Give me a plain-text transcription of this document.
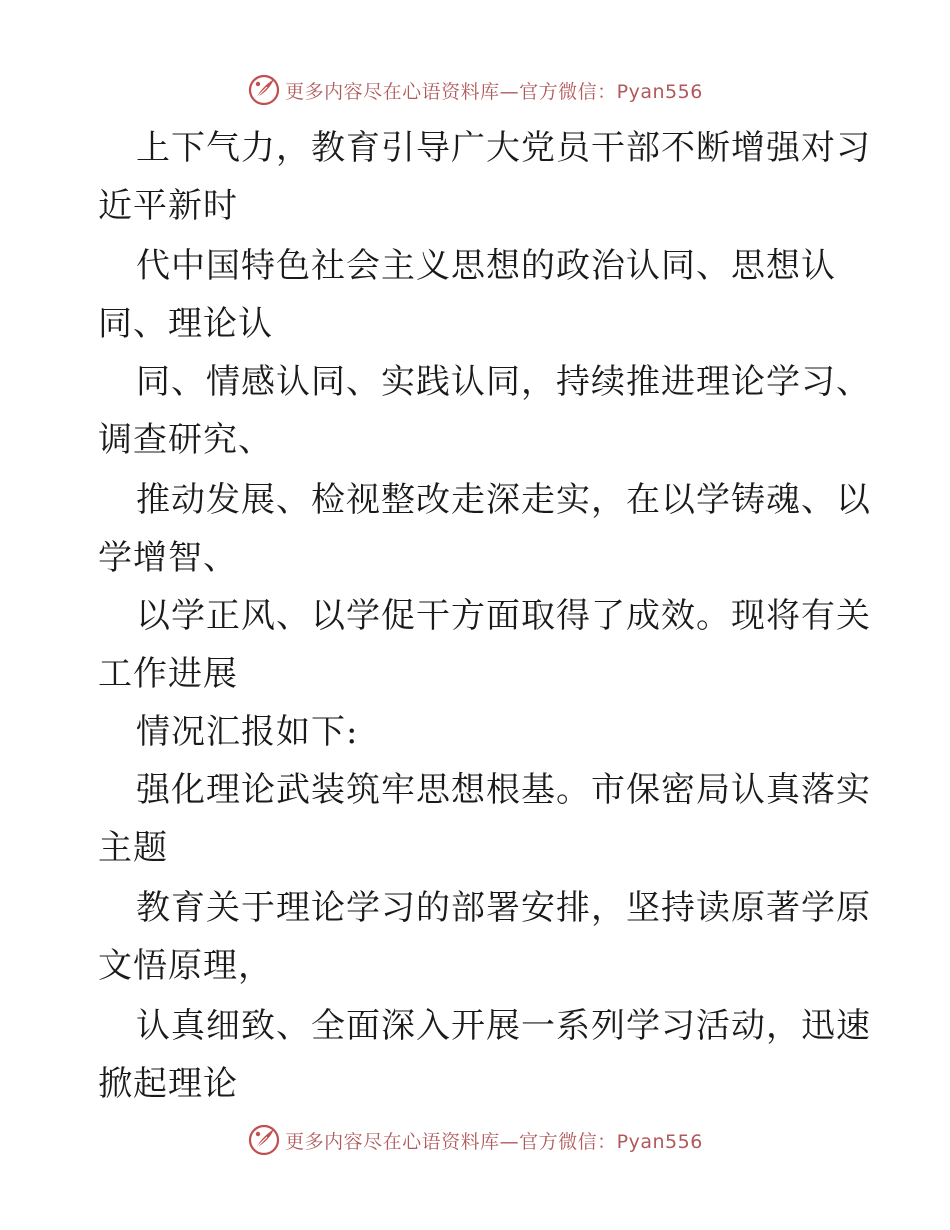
更多内容尽在心语资料库—官方微信：Pyan556
上下气力，教育引导广大党员干部不断增强对习
近平新时
代中国特色社会主义思想的政治认同、思想认
同、理论认
同、情感认同、实践认同，持续推进理论学习、
调查研究、
推动发展、检视整改走深走实，在以学铸魂、以
学增智、
以学正风、以学促干方面取得了成效。现将有关
工作进展
情况汇报如下:
强化理论武装筑牢思想根基。市保密局认真落实
主题
教育关于理论学习的部署安排，坚持读原著学原
文悟原理，
认真细致、全面深入开展一系列学习活动，迅速
掀起理论
更多内容尽在心语资料库—官方微信：Pyan556
